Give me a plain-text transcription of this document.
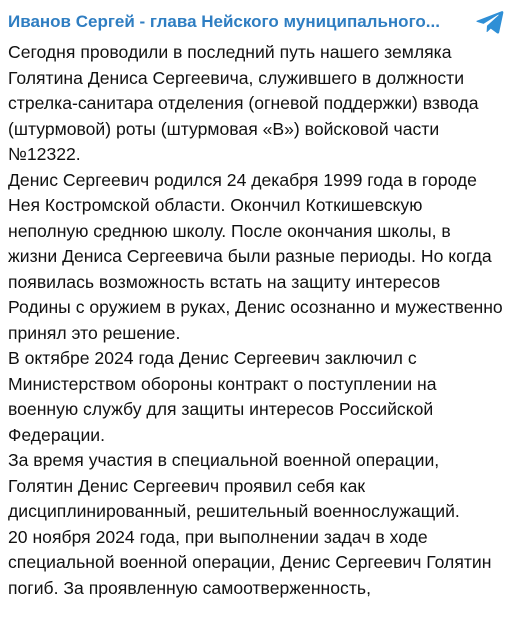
Иванов Сергей - глава Нейского муниципального...

Сегодня проводили в последний путь нашего земляка Голятина Дениса Сергеевича, служившего в должности стрелка-санитара отделения (огневой поддержки) взвода (штурмовой) роты (штурмовая «В») войсковой части №12322.

Денис Сергеевич родился 24 декабря 1999 года в городе Нея Костромской области. Окончил Коткишевскую неполную среднюю школу. После окончания школы, в жизни Дениса Сергеевича были разные периоды. Но когда появилась возможность встать на защиту интересов Родины с оружием в руках, Денис осознанно и мужественно принял это решение.

В октябре 2024 года Денис Сергеевич заключил с Министерством обороны контракт о поступлении на военную службу для защиты интересов Российской Федерации.

За время участия в специальной военной операции, Голятин Денис Сергеевич проявил себя как дисциплинированный, решительный военнослужащий.

20 ноября 2024 года, при выполнении задач в ходе специальной военной операции, Денис Сергеевич Голятин погиб. За проявленную самоотверженность,
